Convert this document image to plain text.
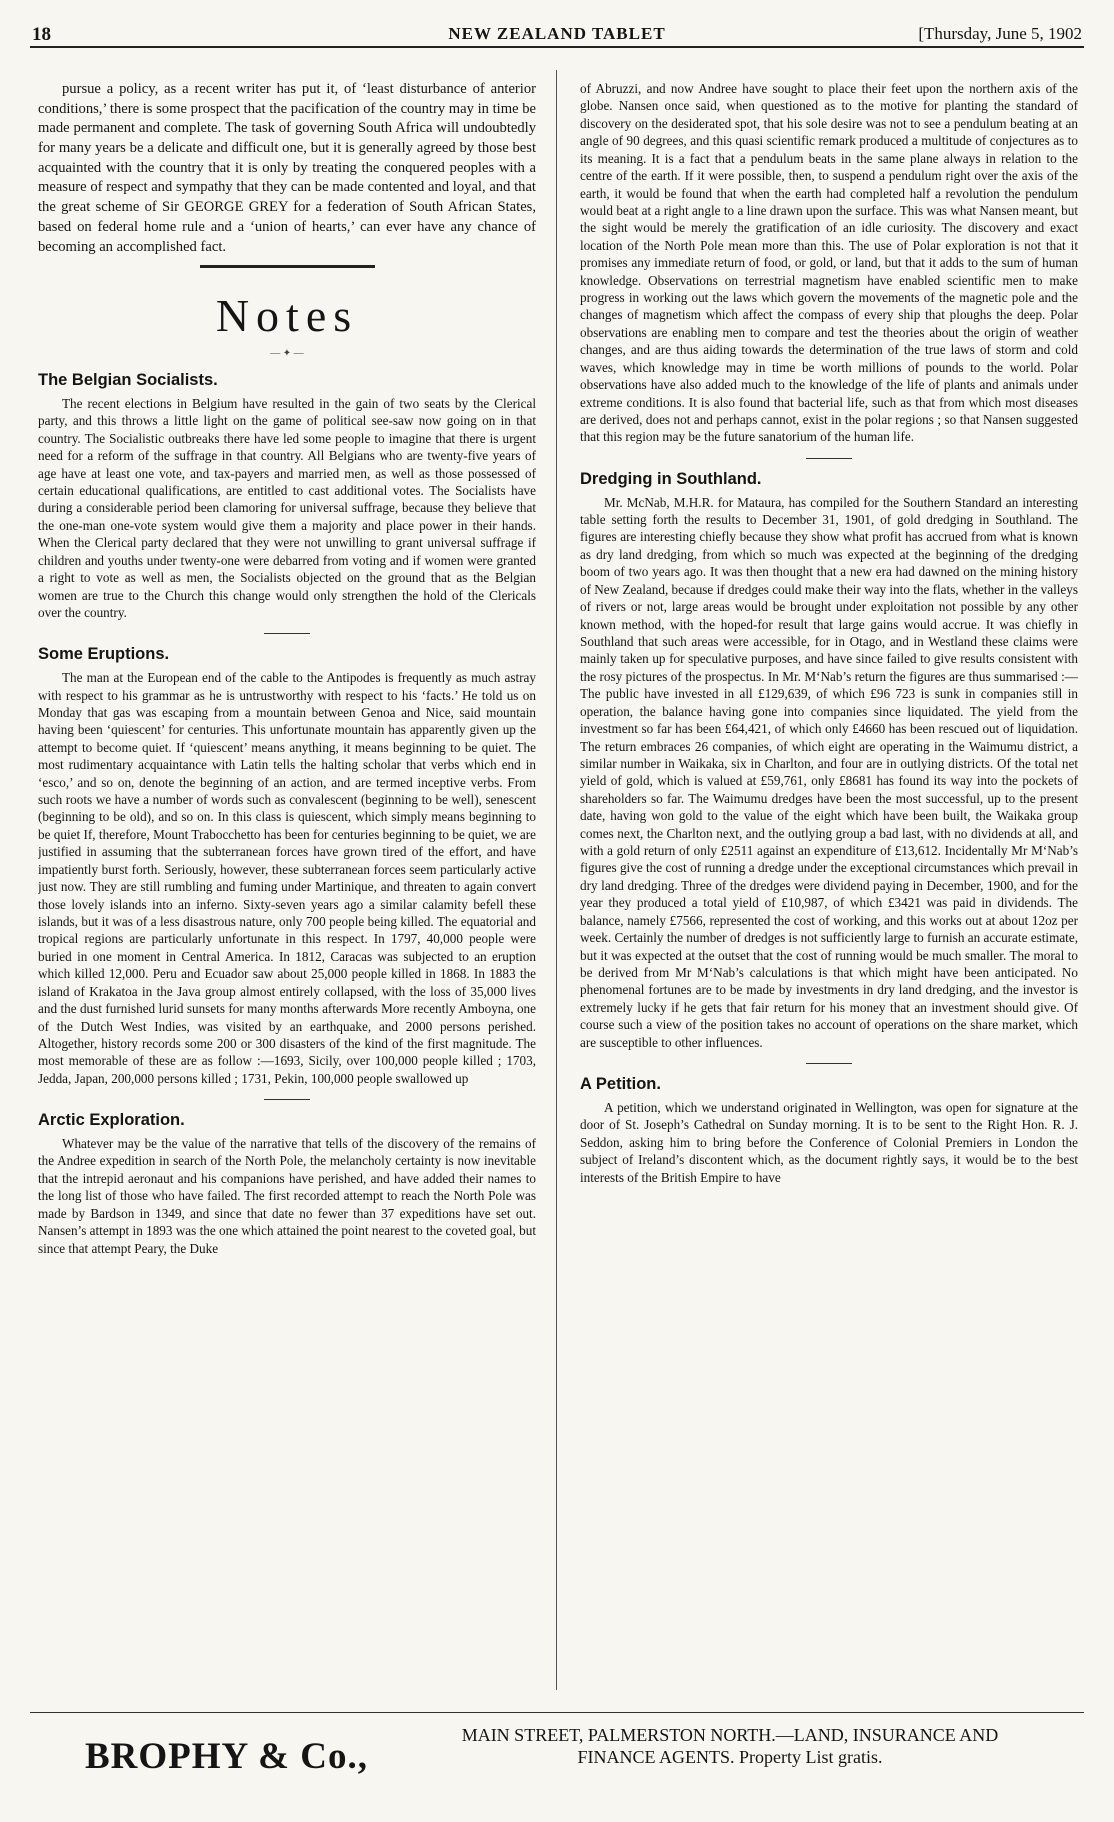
18	NEW ZEALAND TABLET	[Thursday, June 5, 1902

pursue a policy, as a recent writer has put it, of ‘least disturbance of anterior conditions,’ there is some prospect that the pacification of the country may in time be made permanent and complete. The task of governing South Africa will undoubtedly for many years be a delicate and difficult one, but it is generally agreed by those best acquainted with the country that it is only by treating the conquered peoples with a measure of respect and sympathy that they can be made contented and loyal, and that the great scheme of Sir GEORGE GREY for a federation of South African States, based on federal home rule and a ‘union of hearts,’ can ever have any chance of becoming an accomplished fact.

Notes
— ✦ —
The Belgian Socialists.

The recent elections in Belgium have resulted in the gain of two seats by the Clerical party, and this throws a little light on the game of political see-saw now going on in that country. The Socialistic outbreaks there have led some people to imagine that there is urgent need for a reform of the suffrage in that country. All Belgians who are twenty-five years of age have at least one vote, and tax-payers and married men, as well as those possessed of certain educational qualifications, are entitled to cast additional votes. The Socialists have during a considerable period been clamoring for universal suffrage, because they believe that the one-man one-vote system would give them a majority and place power in their hands. When the Clerical party declared that they were not unwilling to grant universal suffrage if children and youths under twenty-one were debarred from voting and if women were granted a right to vote as well as men, the Socialists objected on the ground that as the Belgian women are true to the Church this change would only strengthen the hold of the Clericals over the country.

Some Eruptions.

The man at the European end of the cable to the Antipodes is frequently as much astray with respect to his grammar as he is untrustworthy with respect to his ‘facts.’ He told us on Monday that gas was escaping from a mountain between Genoa and Nice, said mountain having been ‘quiescent’ for centuries. This unfortunate mountain has apparently given up the attempt to become quiet. If ‘quiescent’ means anything, it means beginning to be quiet. The most rudimentary acquaintance with Latin tells the halting scholar that verbs which end in ‘esco,’ and so on, denote the beginning of an action, and are termed inceptive verbs. From such roots we have a number of words such as convalescent (beginning to be well), senescent (beginning to be old), and so on. In this class is quiescent, which simply means beginning to be quiet If, therefore, Mount Trabocchetto has been for centuries beginning to be quiet, we are justified in assuming that the subterranean forces have grown tired of the effort, and have impatiently burst forth. Seriously, however, these subterranean forces seem particularly active just now. They are still rumbling and fuming under Martinique, and threaten to again convert those lovely islands into an inferno. Sixty-seven years ago a similar calamity befell these islands, but it was of a less disastrous nature, only 700 people being killed. The equatorial and tropical regions are particularly unfortunate in this respect. In 1797, 40,000 people were buried in one moment in Central America. In 1812, Caracas was subjected to an eruption which killed 12,000. Peru and Ecuador saw about 25,000 people killed in 1868. In 1883 the island of Krakatoa in the Java group almost entirely collapsed, with the loss of 35,000 lives and the dust furnished lurid sunsets for many months afterwards More recently Amboyna, one of the Dutch West Indies, was visited by an earthquake, and 2000 persons perished. Altogether, history records some 200 or 300 disasters of the kind of the first magnitude. The most memorable of these are as follow :—1693, Sicily, over 100,000 people killed ; 1703, Jedda, Japan, 200,000 persons killed ; 1731, Pekin, 100,000 people swallowed up

Arctic Exploration.

Whatever may be the value of the narrative that tells of the discovery of the remains of the Andree expedition in search of the North Pole, the melancholy certainty is now inevitable that the intrepid aeronaut and his companions have perished, and have added their names to the long list of those who have failed. The first recorded attempt to reach the North Pole was made by Bardson in 1349, and since that date no fewer than 37 expeditions have set out. Nansen’s attempt in 1893 was the one which attained the point nearest to the coveted goal, but since that attempt Peary, the Duke

of Abruzzi, and now Andree have sought to place their feet upon the northern axis of the globe. Nansen once said, when questioned as to the motive for planting the standard of discovery on the desiderated spot, that his sole desire was not to see a pendulum beating at an angle of 90 degrees, and this quasi scientific remark produced a multitude of conjectures as to its meaning. It is a fact that a pendulum beats in the same plane always in relation to the centre of the earth. If it were possible, then, to suspend a pendulum right over the axis of the earth, it would be found that when the earth had completed half a revolution the pendulum would beat at a right angle to a line drawn upon the surface. This was what Nansen meant, but the sight would be merely the gratification of an idle curiosity. The discovery and exact location of the North Pole mean more than this. The use of Polar exploration is not that it promises any immediate return of food, or gold, or land, but that it adds to the sum of human knowledge. Observations on terrestrial magnetism have enabled scientific men to make progress in working out the laws which govern the movements of the magnetic pole and the changes of magnetism which affect the compass of every ship that ploughs the deep. Polar observations are enabling men to compare and test the theories about the origin of weather changes, and are thus aiding towards the determination of the true laws of storm and cold waves, which knowledge may in time be worth millions of pounds to the world. Polar observations have also added much to the knowledge of the life of plants and animals under extreme conditions. It is also found that bacterial life, such as that from which most diseases are derived, does not and perhaps cannot, exist in the polar regions ; so that Nansen suggested that this region may be the future sanatorium of the human life.

Dredging in Southland.

Mr. McNab, M.H.R. for Mataura, has compiled for the Southern Standard an interesting table setting forth the results to December 31, 1901, of gold dredging in Southland. The figures are interesting chiefly because they show what profit has accrued from what is known as dry land dredging, from which so much was expected at the beginning of the dredging boom of two years ago. It was then thought that a new era had dawned on the mining history of New Zealand, because if dredges could make their way into the flats, whether in the valleys of rivers or not, large areas would be brought under exploitation not possible by any other known method, with the hoped-for result that large gains would accrue. It was chiefly in Southland that such areas were accessible, for in Otago, and in Westland these claims were mainly taken up for speculative purposes, and have since failed to give results consistent with the rosy pictures of the prospectus. In Mr. M‘Nab’s return the figures are thus summarised :—The public have invested in all £129,639, of which £96 723 is sunk in companies still in operation, the balance having gone into companies since liquidated. The yield from the investment so far has been £64,421, of which only £4660 has been rescued out of liquidation. The return embraces 26 companies, of which eight are operating in the Waimumu district, a similar number in Waikaka, six in Charlton, and four are in outlying districts. Of the total net yield of gold, which is valued at £59,761, only £8681 has found its way into the pockets of shareholders so far. The Waimumu dredges have been the most successful, up to the present date, having won gold to the value of the eight which have been built, the Waikaka group comes next, the Charlton next, and the outlying group a bad last, with no dividends at all, and with a gold return of only £2511 against an expenditure of £13,612. Incidentally Mr M‘Nab’s figures give the cost of running a dredge under the exceptional circumstances which prevail in dry land dredging. Three of the dredges were dividend paying in December, 1900, and for the year they produced a total yield of £10,987, of which £3421 was paid in dividends. The balance, namely £7566, represented the cost of working, and this works out at about 12oz per week. Certainly the number of dredges is not sufficiently large to furnish an accurate estimate, but it was expected at the outset that the cost of running would be much smaller. The moral to be derived from Mr M‘Nab’s calculations is that which might have been anticipated. No phenomenal fortunes are to be made by investments in dry land dredging, and the investor is extremely lucky if he gets that fair return for his money that an investment should give. Of course such a view of the position takes no account of operations on the share market, which are susceptible to other influences.

A Petition.

A petition, which we understand originated in Wellington, was open for signature at the door of St. Joseph’s Cathedral on Sunday morning. It is to be sent to the Right Hon. R. J. Seddon, asking him to bring before the Conference of Colonial Premiers in London the subject of Ireland’s discontent which, as the document rightly says, it would be to the best interests of the British Empire to have

BROPHY & Co.,
MAIN STREET, PALMERSTON NORTH.—LAND, INSURANCE AND
FINANCE AGENTS. Property List gratis.
